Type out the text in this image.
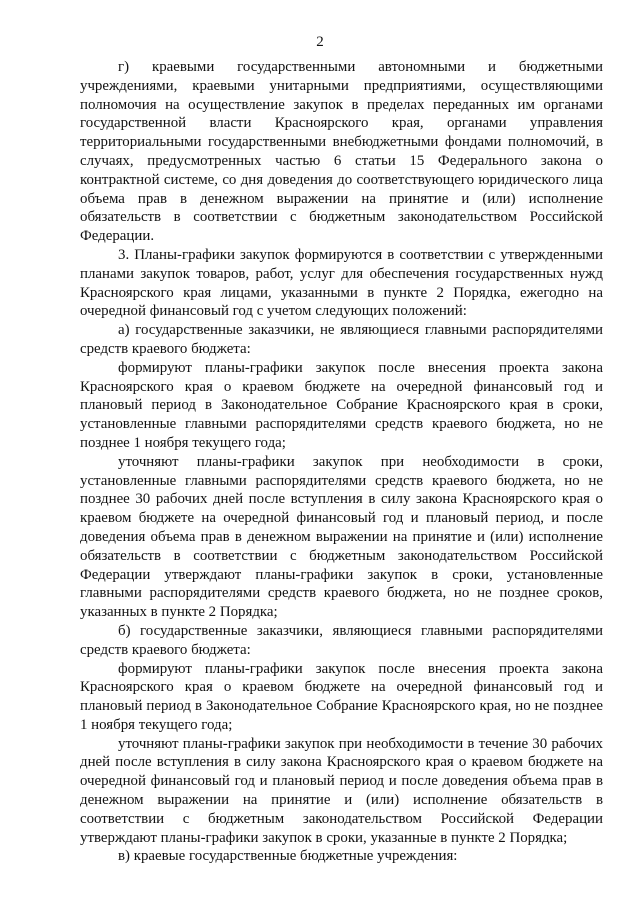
2

г) краевыми государственными автономными и бюджетными учреждениями, краевыми унитарными предприятиями, осуществляющими полномочия на осуществление закупок в пределах переданных им органами государственной власти Красноярского края, органами управления территориальными государственными внебюджетными фондами полномочий, в случаях, предусмотренных частью 6 статьи 15 Федерального закона о контрактной системе, со дня доведения до соответствующего юридического лица объема прав в денежном выражении на принятие и (или) исполнение обязательств в соответствии с бюджетным законодательством Российской Федерации.

3. Планы-графики закупок формируются в соответствии с утвержденными планами закупок товаров, работ, услуг для обеспечения государственных нужд Красноярского края лицами, указанными в пункте 2 Порядка, ежегодно на очередной финансовый год с учетом следующих положений:

а) государственные заказчики, не являющиеся главными распорядителями средств краевого бюджета:

формируют планы-графики закупок после внесения проекта закона Красноярского края о краевом бюджете на очередной финансовый год и плановый период в Законодательное Собрание Красноярского края в сроки, установленные главными распорядителями средств краевого бюджета, но не позднее 1 ноября текущего года;

уточняют планы-графики закупок при необходимости в сроки, установленные главными распорядителями средств краевого бюджета, но не позднее 30 рабочих дней после вступления в силу закона Красноярского края о краевом бюджете на очередной финансовый год и плановый период, и после доведения объема прав в денежном выражении на принятие и (или) исполнение обязательств в соответствии с бюджетным законодательством Российской Федерации утверждают планы-графики закупок в сроки, установленные главными распорядителями средств краевого бюджета, но не позднее сроков, указанных в пункте 2 Порядка;

б) государственные заказчики, являющиеся главными распорядителями средств краевого бюджета:

формируют планы-графики закупок после внесения проекта закона Красноярского края о краевом бюджете на очередной финансовый год и плановый период в Законодательное Собрание Красноярского края, но не позднее 1 ноября текущего года;

уточняют планы-графики закупок при необходимости в течение 30 рабочих дней после вступления в силу закона Красноярского края о краевом бюджете на очередной финансовый год и плановый период и после доведения объема прав в денежном выражении на принятие и (или) исполнение обязательств в соответствии с бюджетным законодательством Российской Федерации утверждают планы-графики закупок в сроки, указанные в пункте 2 Порядка;

в) краевые государственные бюджетные учреждения:
